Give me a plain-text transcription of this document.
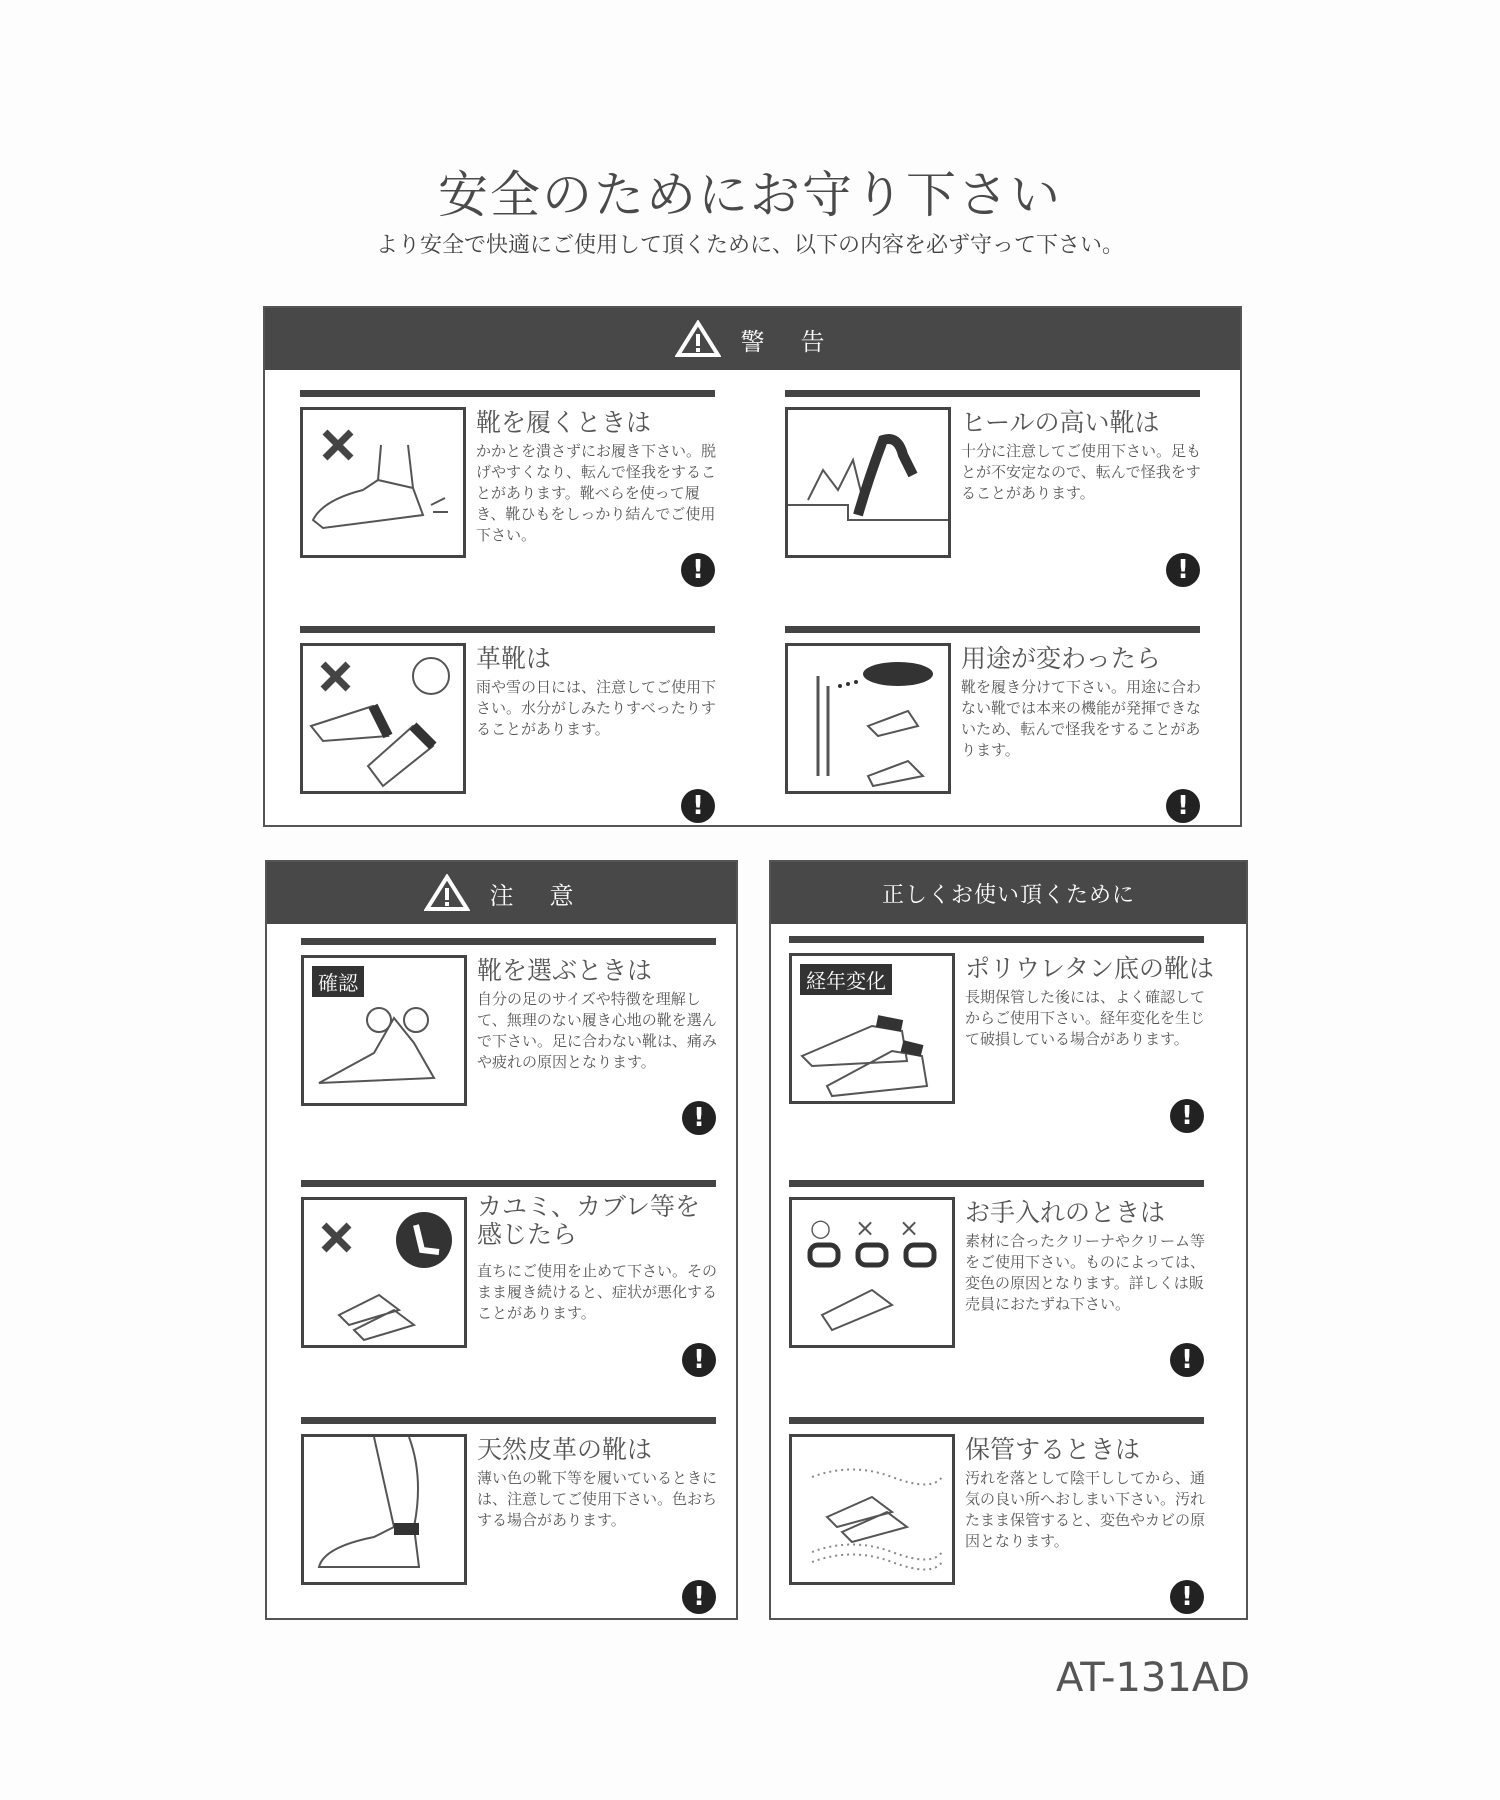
安全のためにお守り下さい
より安全で快適にご使用して頂くために、以下の内容を必ず守って下さい。
警　告
靴を履くときは
かかとを潰さずにお履き下さい。脱げやすくなり、転んで怪我をすることがあります。靴べらを使って履き、靴ひもをしっかり結んでご使用下さい。
!
ヒールの高い靴は
十分に注意してご使用下さい。足もとが不安定なので、転んで怪我をすることがあります。
!
革靴は
雨や雪の日には、注意してご使用下さい。水分がしみたりすべったりすることがあります。
!
用途が変わったら
靴を履き分けて下さい。用途に合わない靴では本来の機能が発揮できないため、転んで怪我をすることがあります。
!
注　意
確認	靴を選ぶときは
自分の足のサイズや特徴を理解して、無理のない履き心地の靴を選んで下さい。足に合わない靴は、痛みや疲れの原因となります。
!
カユミ、カブレ等を感じたら
直ちにご使用を止めて下さい。そのまま履き続けると、症状が悪化することがあります。
!
天然皮革の靴は
薄い色の靴下等を履いているときには、注意してご使用下さい。色おちする場合があります。
!
正しくお使い頂くために
経年変化	ポリウレタン底の靴は
長期保管した後には、よく確認してからご使用下さい。経年変化を生じて破損している場合があります。
!
○　×　×
お手入れのときは
素材に合ったクリーナやクリーム等をご使用下さい。ものによっては、変色の原因となります。詳しくは販売員におたずね下さい。
!
保管するときは
汚れを落として陰干ししてから、通気の良い所へおしまい下さい。汚れたまま保管すると、変色やカビの原因となります。
!
AT-131AD
